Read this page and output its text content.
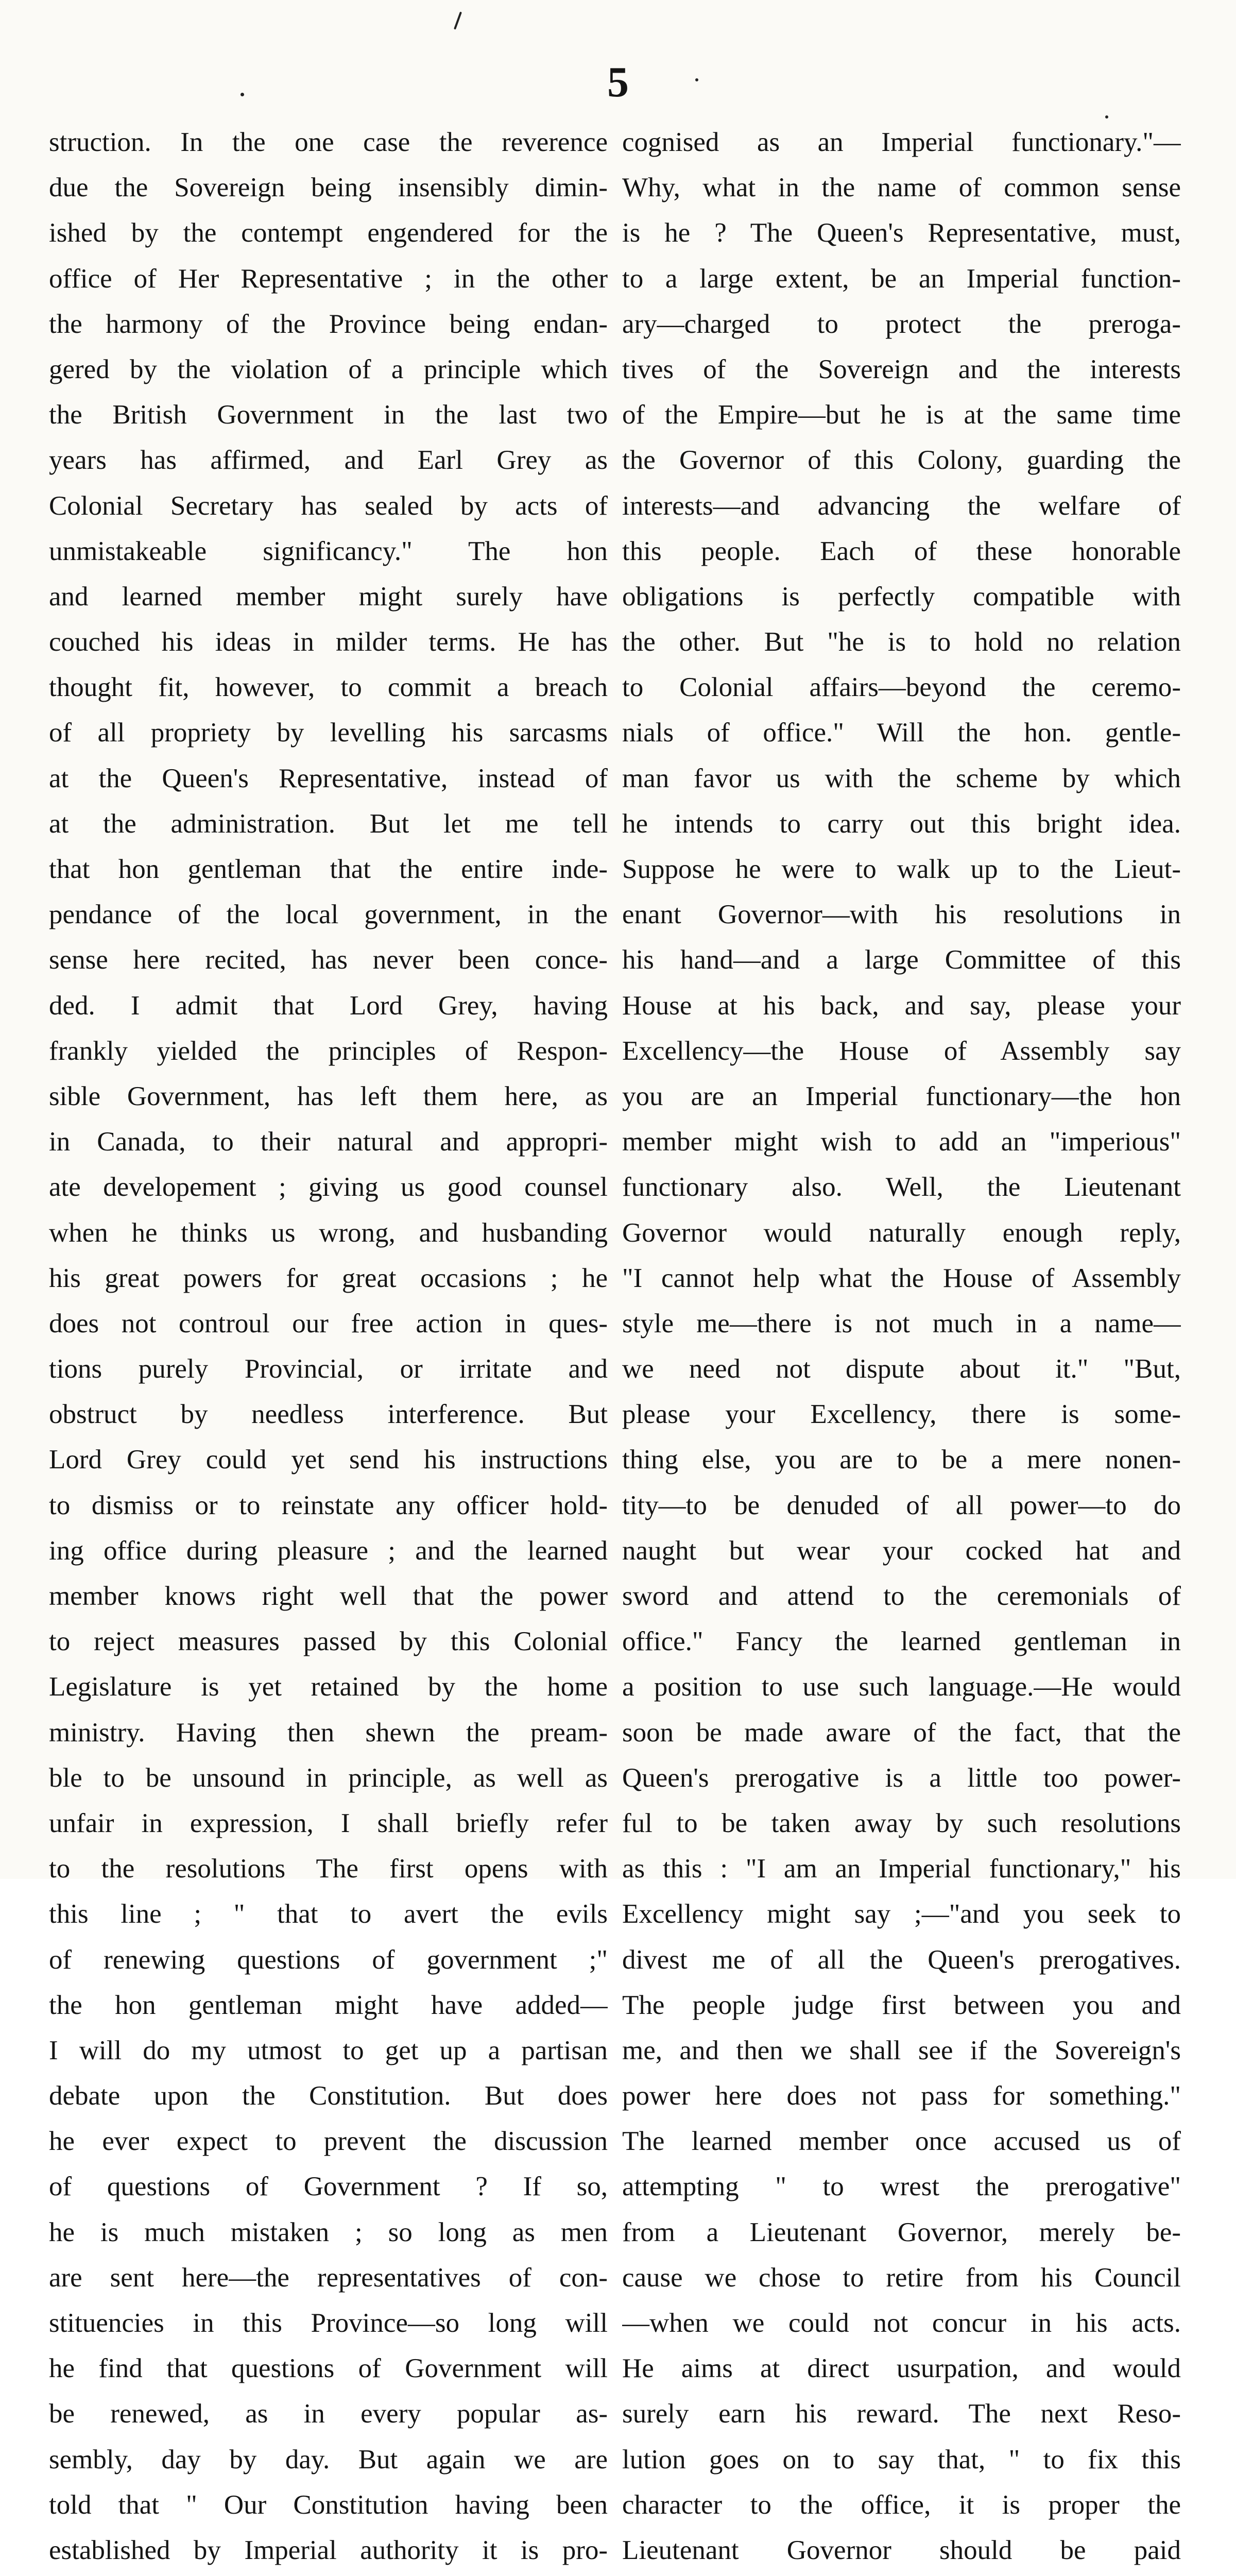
5
struction. In the one case the reverence
due the Sovereign being insensibly dimin-
ished by the contempt engendered for the
office of Her Representative ; in the other
the harmony of the Province being endan-
gered by the violation of a principle which
the British Government in the last two
years has affirmed, and Earl Grey as
Colonial Secretary has sealed by acts of
unmistakeable significancy." The hon
and learned member might surely have
couched his ideas in milder terms. He has
thought fit, however, to commit a breach
of all propriety by levelling his sarcasms
at the Queen's Representative, instead of
at the administration. But let me tell
that hon gentleman that the entire inde-
pendance of the local government, in the
sense here recited, has never been conce-
ded. I admit that Lord Grey, having
frankly yielded the principles of Respon-
sible Government, has left them here, as
in Canada, to their natural and appropri-
ate developement ; giving us good counsel
when he thinks us wrong, and husbanding
his great powers for great occasions ; he
does not controul our free action in ques-
tions purely Provincial, or irritate and
obstruct by needless interference. But
Lord Grey could yet send his instructions
to dismiss or to reinstate any officer hold-
ing office during pleasure ; and the learned
member knows right well that the power
to reject measures passed by this Colonial
Legislature is yet retained by the home
ministry. Having then shewn the pream-
ble to be unsound in principle, as well as
unfair in expression, I shall briefly refer
to the resolutions The first opens with
this line ; " that to avert the evils
of renewing questions of government ;"
the hon gentleman might have added—
I will do my utmost to get up a partisan
debate upon the Constitution. But does
he ever expect to prevent the discussion
of questions of Government ? If so,
he is much mistaken ; so long as men
are sent here—the representatives of con-
stituencies in this Province—so long will
he find that questions of Government will
be renewed, as in every popular as-
sembly, day by day. But again we are
told that " Our Constitution having been
established by Imperial authority it is pro-
cognised as an Imperial functionary."—
Why, what in the name of common sense
is he ? The Queen's Representative, must,
to a large extent, be an Imperial function-
ary—charged to protect the preroga-
tives of the Sovereign and the interests
of the Empire—but he is at the same time
the Governor of this Colony, guarding the
interests—and advancing the welfare of
this people. Each of these honorable
obligations is perfectly compatible with
the other. But "he is to hold no relation
to Colonial affairs—beyond the ceremo-
nials of office." Will the hon. gentle-
man favor us with the scheme by which
he intends to carry out this bright idea.
Suppose he were to walk up to the Lieut-
enant Governor—with his resolutions in
his hand—and a large Committee of this
House at his back, and say, please your
Excellency—the House of Assembly say
you are an Imperial functionary—the hon
member might wish to add an "imperious"
functionary also. Well, the Lieutenant
Governor would naturally enough reply,
"I cannot help what the House of Assembly
style me—there is not much in a name—
we need not dispute about it." "But,
please your Excellency, there is some-
thing else, you are to be a mere nonen-
tity—to be denuded of all power—to do
naught but wear your cocked hat and
sword and attend to the ceremonials of
office." Fancy the learned gentleman in
a position to use such language.—He would
soon be made aware of the fact, that the
Queen's prerogative is a little too power-
ful to be taken away by such resolutions
as this : "I am an Imperial functionary," his
Excellency might say ;—"and you seek to
divest me of all the Queen's prerogatives.
The people judge first between you and
me, and then we shall see if the Sovereign's
power here does not pass for something."
The learned member once accused us of
attempting " to wrest the prerogative"
from a Lieutenant Governor, merely be-
cause we chose to retire from his Council
—when we could not concur in his acts.
He aims at direct usurpation, and would
surely earn his reward. The next Reso-
lution goes on to say that, " to fix this
character to the office, it is proper the
Lieutenant Governor should be paid
